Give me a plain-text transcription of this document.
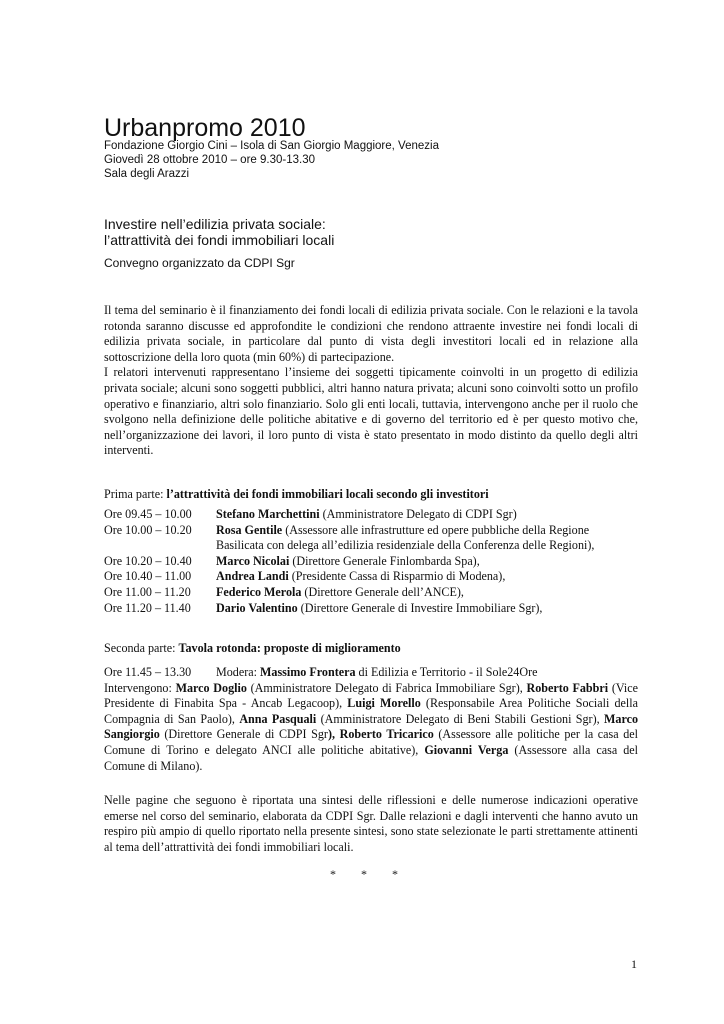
Urbanpromo 2010
Fondazione Giorgio Cini – Isola di San Giorgio Maggiore, Venezia
Giovedì 28 ottobre 2010 – ore 9.30-13.30
Sala degli Arazzi
Investire nell’edilizia privata sociale:
l’attrattività dei fondi immobiliari locali
Convegno organizzato da CDPI Sgr
Il tema del seminario è il finanziamento dei fondi locali di edilizia privata sociale. Con le relazioni e la tavola rotonda saranno discusse ed approfondite le condizioni che rendono attraente investire nei fondi locali di edilizia privata sociale, in particolare dal punto di vista degli investitori locali ed in relazione alla sottoscrizione della loro quota (min 60%) di partecipazione.
I relatori intervenuti rappresentano l’insieme dei soggetti tipicamente coinvolti in un progetto di edilizia privata sociale; alcuni sono soggetti pubblici, altri hanno natura privata; alcuni sono coinvolti sotto un profilo operativo e finanziario, altri solo finanziario. Solo gli enti locali, tuttavia, intervengono anche per il ruolo che svolgono nella definizione delle politiche abitative e di governo del territorio ed è per questo motivo che, nell’organizzazione dei lavori, il loro punto di vista è stato presentato in modo distinto da quello degli altri interventi.
Prima parte: l’attrattività dei fondi immobiliari locali secondo gli investitori
Ore 09.45 – 10.00	Stefano Marchettini (Amministratore Delegato di CDPI Sgr)
Ore 10.00 – 10.20	Rosa Gentile (Assessore alle infrastrutture ed opere pubbliche della Regione Basilicata con delega all’edilizia residenziale della Conferenza delle Regioni),
Ore 10.20 – 10.40	Marco Nicolai (Direttore Generale Finlombarda Spa),
Ore 10.40 – 11.00	Andrea Landi (Presidente Cassa di Risparmio di Modena),
Ore 11.00 – 11.20	Federico Merola (Direttore Generale dell’ANCE),
Ore 11.20 – 11.40	Dario Valentino (Direttore Generale di Investire Immobiliare Sgr),
Seconda parte: Tavola rotonda: proposte di miglioramento
Ore 11.45 – 13.30	Modera: Massimo Frontera di Edilizia e Territorio - il Sole24Ore
Intervengono: Marco Doglio (Amministratore Delegato di Fabrica Immobiliare Sgr), Roberto Fabbri (Vice Presidente di Finabita Spa - Ancab Legacoop), Luigi Morello (Responsabile Area Politiche Sociali della Compagnia di San Paolo), Anna Pasquali (Amministratore Delegato di Beni Stabili Gestioni Sgr), Marco Sangiorgio (Direttore Generale di CDPI Sgr), Roberto Tricarico (Assessore alle politiche per la casa del Comune di Torino e delegato ANCI alle politiche abitative), Giovanni Verga (Assessore alla casa del Comune di Milano).
Nelle pagine che seguono è riportata una sintesi delle riflessioni e delle numerose indicazioni operative emerse nel corso del seminario, elaborata da CDPI Sgr. Dalle relazioni e dagli interventi che hanno avuto un respiro più ampio di quello riportato nella presente sintesi, sono state selezionate le parti strettamente attinenti al tema dell’attrattività dei fondi immobiliari locali.
* * *
1
